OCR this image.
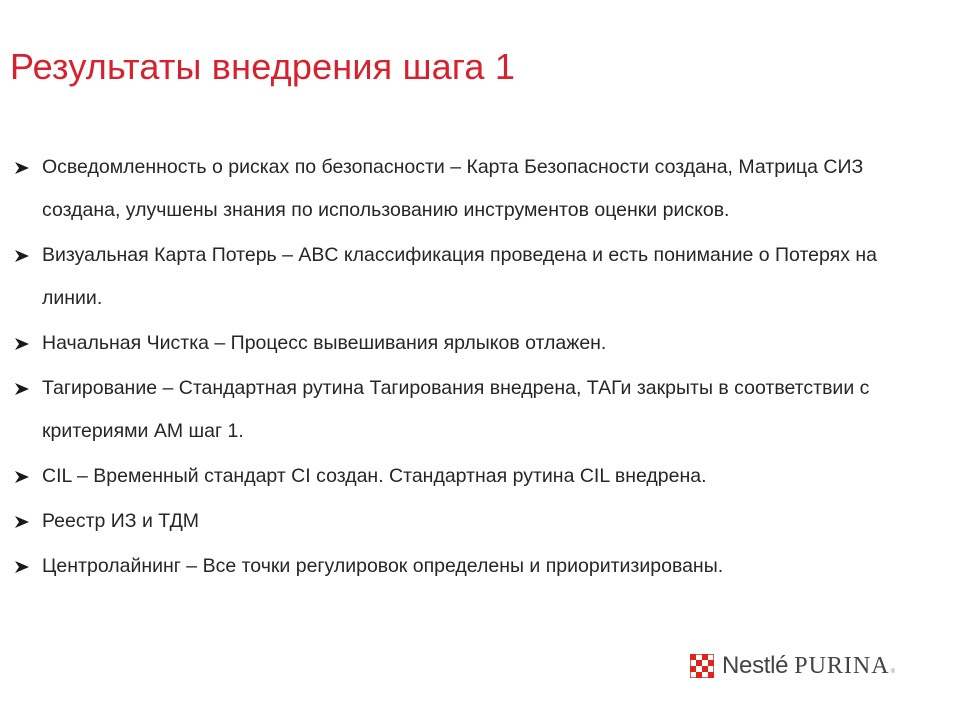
Результаты внедрения шага 1
Осведомленность о рисках по безопасности – Карта Безопасности создана, Матрица СИЗ создана, улучшены знания по использованию инструментов оценки рисков.
Визуальная Карта Потерь – ABC классификация проведена и есть понимание о Потерях на линии.
Начальная Чистка – Процесс вывешивания ярлыков отлажен.
Тагирование – Стандартная рутина Тагирования внедрена, ТАГи закрыты в соответствии с критериями АМ шаг 1.
CIL – Временный стандарт CI создан. Стандартная рутина CIL внедрена.
Реестр ИЗ и ТДМ
Центролайнинг – Все точки регулировок определены и приоритизированы.
Nestlé PURINA ®
